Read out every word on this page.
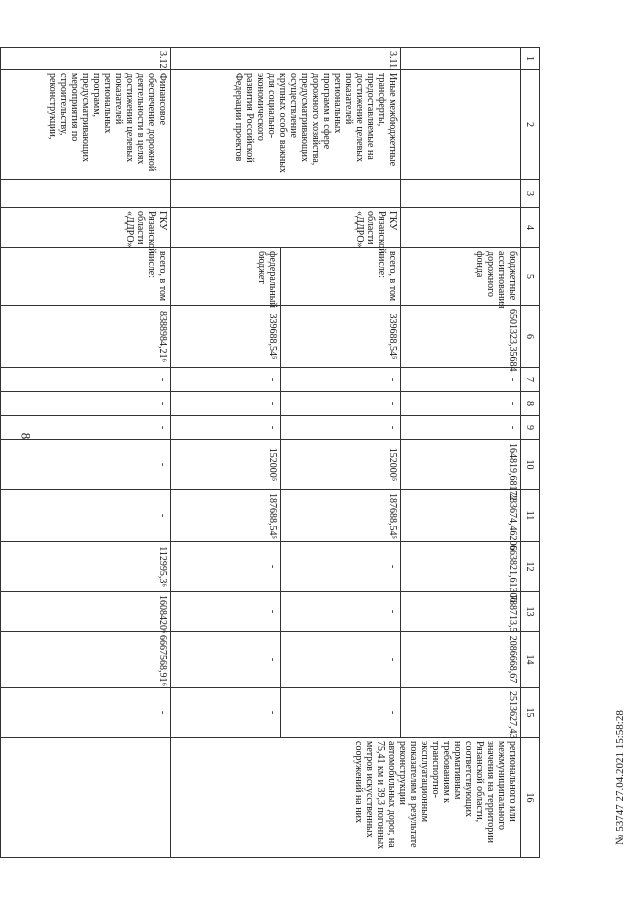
8
1	2	3	4	5	6	7	8	9	10	11	12	13	14	15	16
				бюджетные ассигнования дорожного фонда	6501323,35684	-	-	-	164819,68172	283674,46206	663821,61306	788713,5	2086668,67	2513627,43	регионального или межмуниципального значения на территории Рязанской области, соответствующих нормативным требованиям к транспортно-эксплуатационным показателям в результате реконструкции автомобильных дорог, на 75,41 км и 39,3 погонных метров искусственных сооружений на них
3.11.	Иные межбюджетные трансферты, предоставляемые на достижение целевых показателей региональных программ в сфере дорожного хозяйства, предусматривающих осуществление крупных особо важных для социально-экономического развития Российской Федерации проектов		ГКУ Рязанской области «ДДРО»	всего, в том числе:	339688,54⁵	-	-	-	152000⁵	187688,54⁵	-	-	-	-	
				федеральный бюджет	339688,54⁵	-	-	-	152000⁵	187688,54⁵	-	-	-	-	
3.12.	Финансовое обеспечение дорожной деятельности в целях достижения целевых показателей региональных программ, предусматривающих мероприятия по строительству, реконструкции,		ГКУ Рязанской области «ДДРО»	всего, в том числе:	8388984,21⁶	-	-	-	-	-	112995,3⁶	1608420⁶	6667568,91⁶	-		№ 53747 27.04.2021 15:58:28
